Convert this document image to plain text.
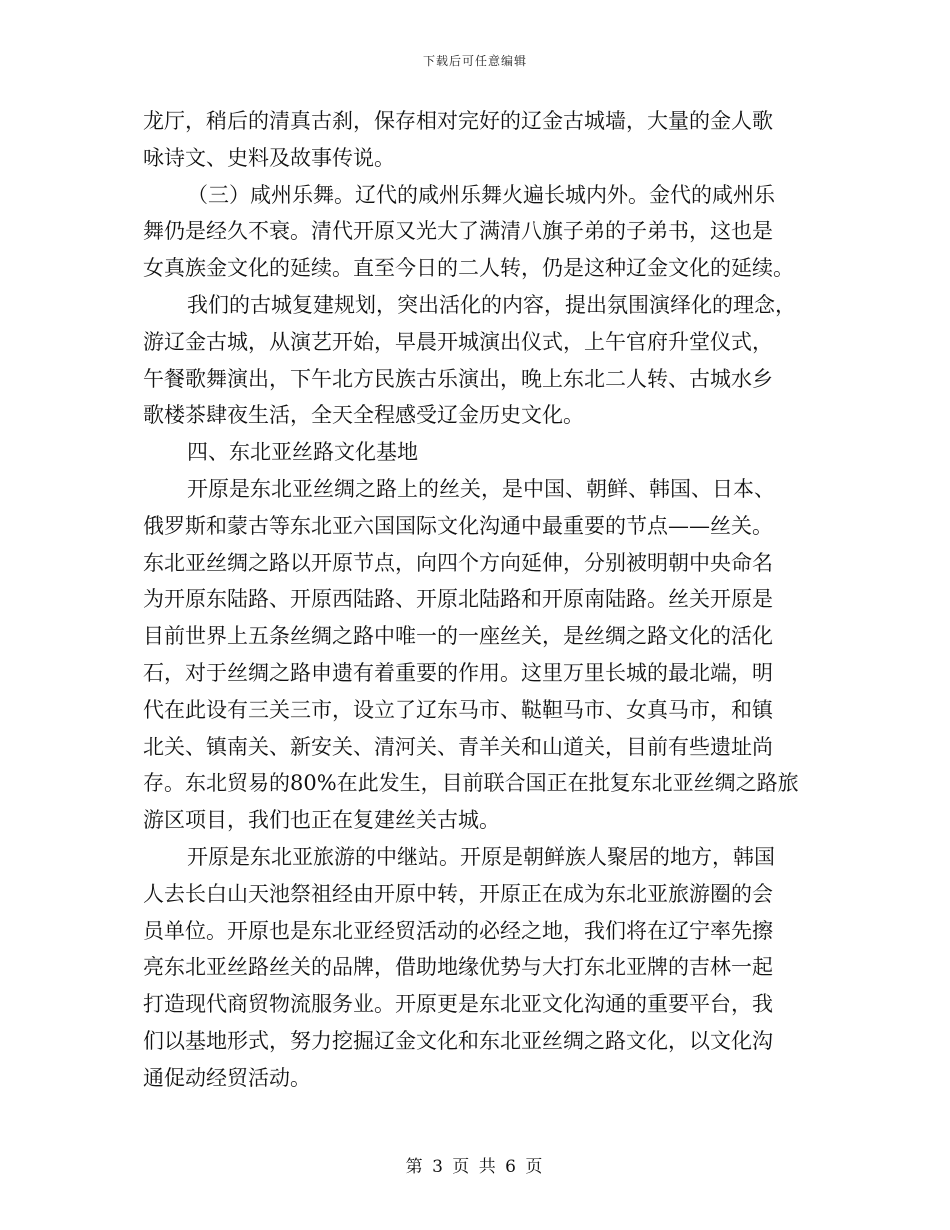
下载后可任意编辑
龙厅，稍后的清真古刹，保存相对完好的辽金古城墙，大量的金人歌
咏诗文、史料及故事传说。
（三）咸州乐舞。辽代的咸州乐舞火遍长城内外。金代的咸州乐
舞仍是经久不衰。清代开原又光大了满清八旗子弟的子弟书，这也是
女真族金文化的延续。直至今日的二人转，仍是这种辽金文化的延续。
我们的古城复建规划，突出活化的内容，提出氛围演绎化的理念，
游辽金古城，从演艺开始，早晨开城演出仪式，上午官府升堂仪式，
午餐歌舞演出，下午北方民族古乐演出，晚上东北二人转、古城水乡
歌楼茶肆夜生活，全天全程感受辽金历史文化。
四、东北亚丝路文化基地
开原是东北亚丝绸之路上的丝关，是中国、朝鲜、韩国、日本、
俄罗斯和蒙古等东北亚六国国际文化沟通中最重要的节点——丝关。
东北亚丝绸之路以开原节点，向四个方向延伸，分别被明朝中央命名
为开原东陆路、开原西陆路、开原北陆路和开原南陆路。丝关开原是
目前世界上五条丝绸之路中唯一的一座丝关，是丝绸之路文化的活化
石，对于丝绸之路申遗有着重要的作用。这里万里长城的最北端，明
代在此设有三关三市，设立了辽东马市、鞑靼马市、女真马市，和镇
北关、镇南关、新安关、清河关、青羊关和山道关，目前有些遗址尚
存。东北贸易的80%在此发生，目前联合国正在批复东北亚丝绸之路旅
游区项目，我们也正在复建丝关古城。
开原是东北亚旅游的中继站。开原是朝鲜族人聚居的地方，韩国
人去长白山天池祭祖经由开原中转，开原正在成为东北亚旅游圈的会
员单位。开原也是东北亚经贸活动的必经之地，我们将在辽宁率先擦
亮东北亚丝路丝关的品牌，借助地缘优势与大打东北亚牌的吉林一起
打造现代商贸物流服务业。开原更是东北亚文化沟通的重要平台，我
们以基地形式，努力挖掘辽金文化和东北亚丝绸之路文化，以文化沟
通促动经贸活动。
第 3 页 共 6 页
